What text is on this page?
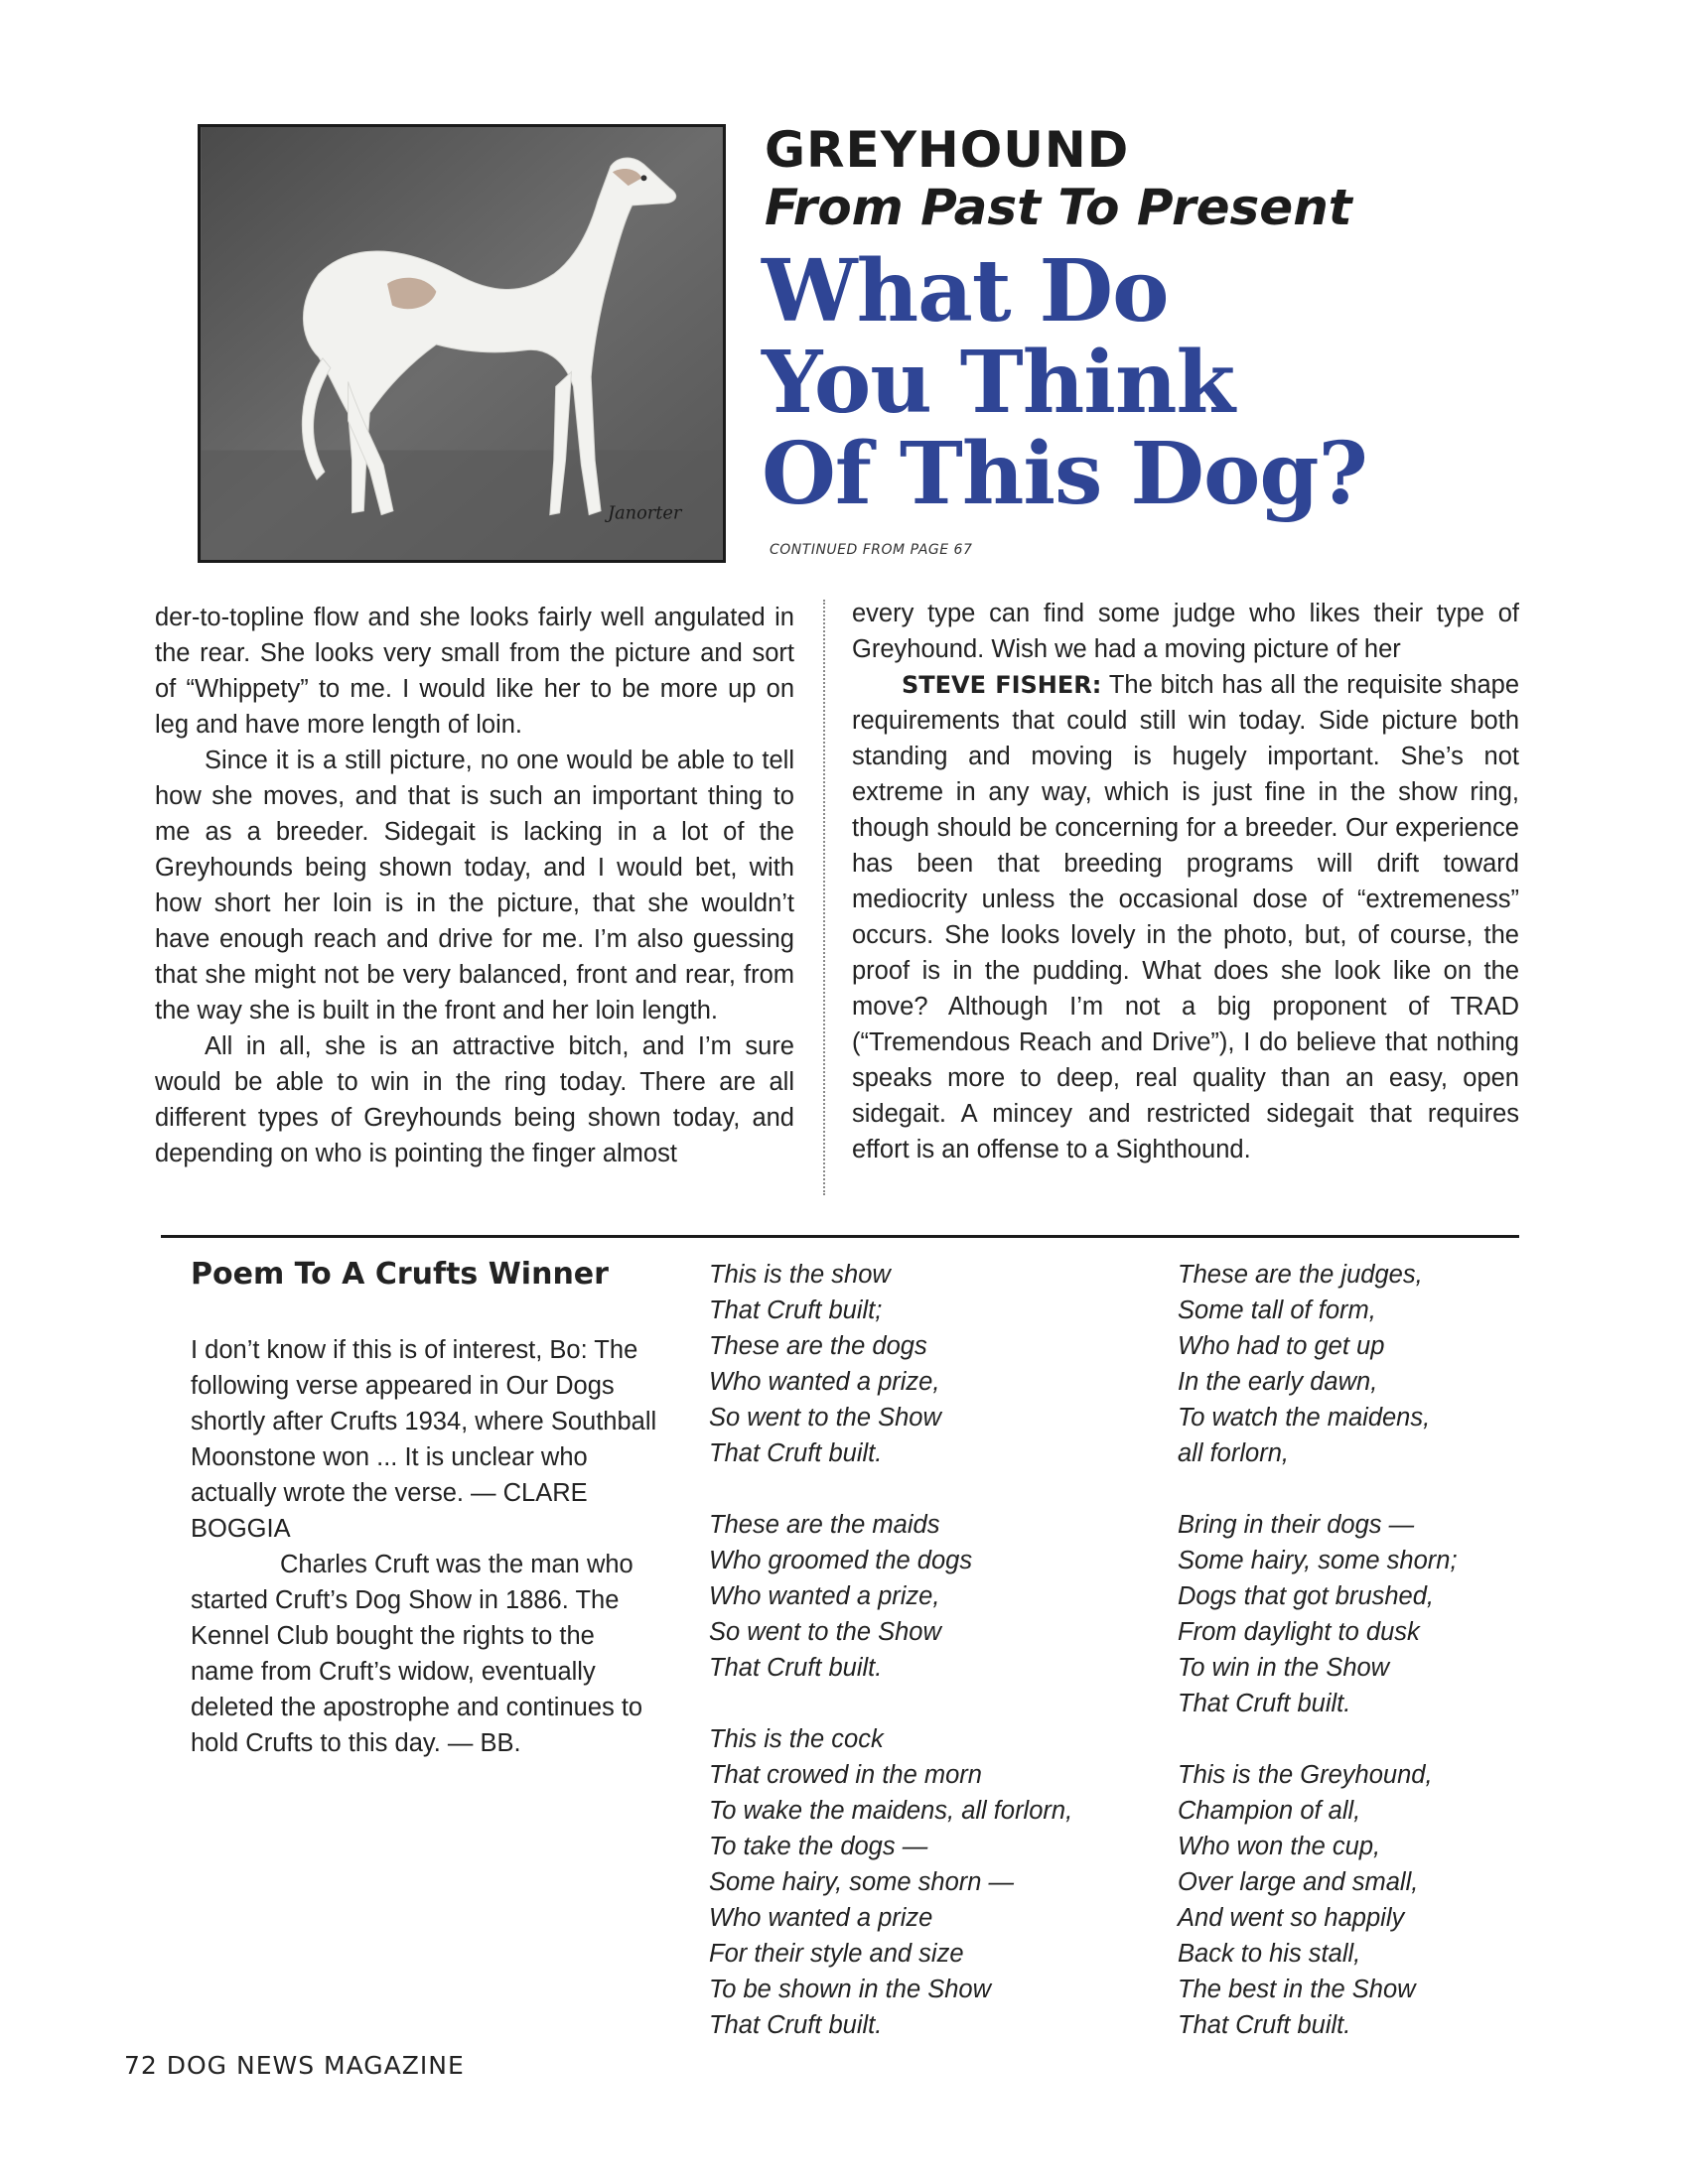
Janorter
GREYHOUND
From Past To Present
What Do
You Think
Of This Dog?
CONTINUED FROM PAGE 67

der-to-topline flow and she looks fairly well angulated in the rear. She looks very small from the picture and sort of “Whippety” to me. I would like her to be more up on leg and have more length of loin.

Since it is a still picture, no one would be able to tell how she moves, and that is such an important thing to me as a breeder. Sidegait is lacking in a lot of the Greyhounds being shown today, and I would bet, with how short her loin is in the picture, that she wouldn’t have enough reach and drive for me. I’m also guessing that she might not be very balanced, front and rear, from the way she is built in the front and her loin length.

All in all, she is an attractive bitch, and I’m sure would be able to win in the ring today. There are all different types of Greyhounds being shown today, and depending on who is pointing the finger almost

every type can find some judge who likes their type of Greyhound. Wish we had a moving picture of her

STEVE FISHER: The bitch has all the requisite shape requirements that could still win today. Side picture both standing and moving is hugely important. She’s not extreme in any way, which is just fine in the show ring, though should be concerning for a breeder. Our experience has been that breeding programs will drift toward mediocrity unless the occasional dose of “extremeness” occurs. She looks lovely in the photo, but, of course, the proof is in the pudding. What does she look like on the move? Although I’m not a big proponent of TRAD (“Tremendous Reach and Drive”), I do believe that nothing speaks more to deep, real quality than an easy, open sidegait. A mincey and restricted sidegait that requires effort is an offense to a Sighthound.

Poem To A Crufts Winner

I don’t know if this is of interest, Bo: The following verse appeared in Our Dogs shortly after Crufts 1934, where Southball Moonstone won ... It is unclear who actually wrote the verse. — CLARE BOGGIA

Charles Cruft was the man who started Cruft’s Dog Show in 1886. The Kennel Club bought the rights to the name from Cruft’s widow, eventually deleted the apostrophe and continues to hold Crufts to this day. — BB.

This is the show
That Cruft built;
These are the dogs
Who wanted a prize,
So went to the Show
That Cruft built.
These are the maids
Who groomed the dogs
Who wanted a prize,
So went to the Show
That Cruft built.
This is the cock
That crowed in the morn
To wake the maidens, all forlorn,
To take the dogs —
Some hairy, some shorn —
Who wanted a prize
For their style and size
To be shown in the Show
That Cruft built.
These are the judges,
Some tall of form,
Who had to get up
In the early dawn,
To watch the maidens,
all forlorn,
Bring in their dogs —
Some hairy, some shorn;
Dogs that got brushed,
From daylight to dusk
To win in the Show
That Cruft built.
This is the Greyhound,
Champion of all,
Who won the cup,
Over large and small,
And went so happily
Back to his stall,
The best in the Show
That Cruft built.
72 DOG NEWS MAGAZINE
